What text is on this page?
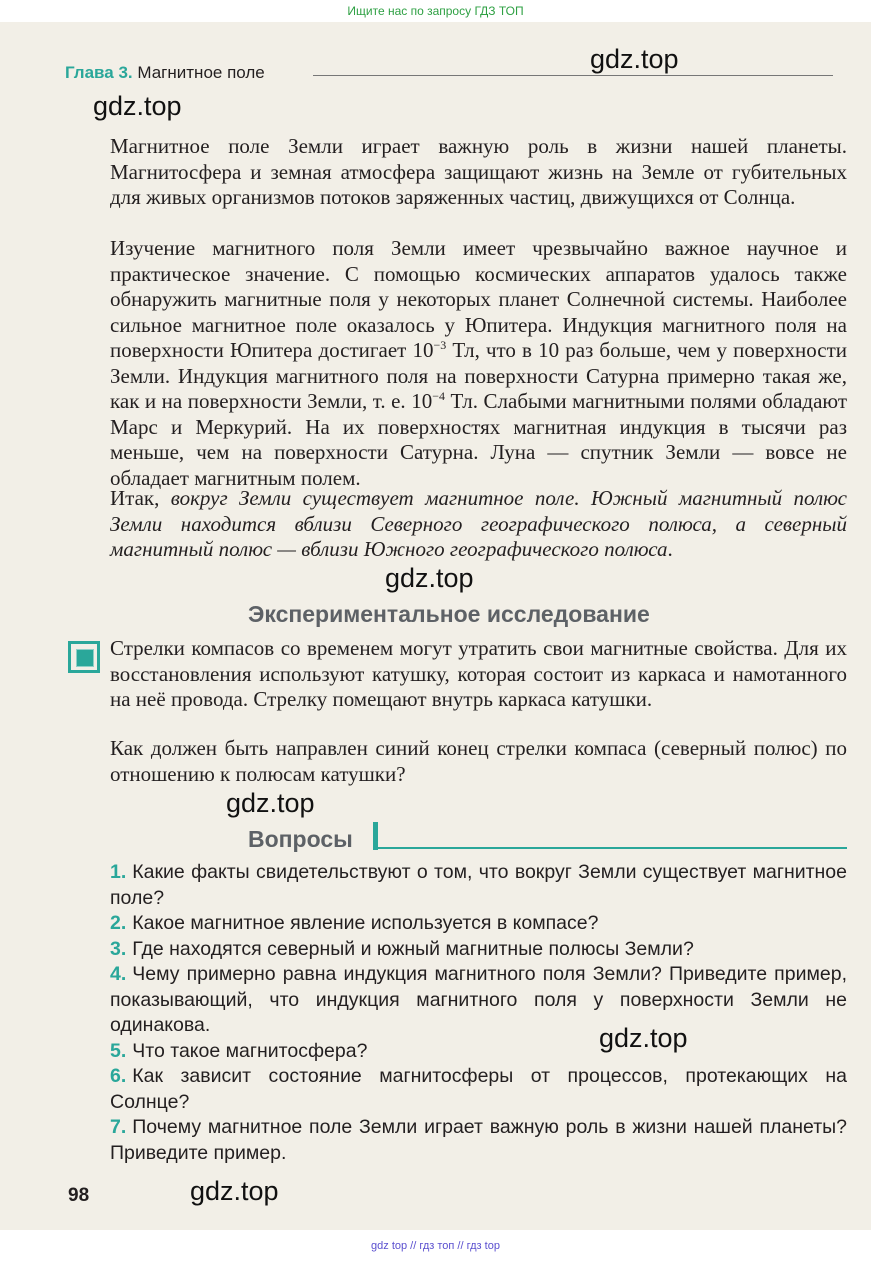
Ищите нас по запросу ГДЗ ТОП
Глава 3. Магнитное поле

Магнитное поле Земли играет важную роль в жизни нашей планеты. Магнитосфера и земная атмосфера защищают жизнь на Земле от губительных для живых организмов потоков заряженных частиц, движущихся от Солнца.

Изучение магнитного поля Земли имеет чрезвычайно важное научное и практическое значение. С помощью космических аппаратов удалось также обнаружить магнитные поля у некоторых планет Солнечной системы. Наиболее сильное магнитное поле оказалось у Юпитера. Индукция магнитного поля на поверхности Юпитера достигает $10^{-3}$ Тл, что в 10 раз больше, чем у поверхности Земли. Индукция магнитного поля на поверхности Сатурна примерно такая же, как и на поверхности Земли, т. е. $10^{-4}$ Тл. Слабыми магнитными полями обладают Марс и Меркурий. На их поверхностях магнитная индукция в тысячи раз меньше, чем на поверхности Сатурна. Луна — спутник Земли — вовсе не обладает магнитным полем.

Итак, вокруг Земли существует магнитное поле. Южный магнитный полюс Земли находится вблизи Северного географического полюса, а северный магнитный полюс — вблизи Южного географического полюса.

Экспериментальное исследование

Стрелки компасов со временем могут утратить свои магнитные свойства. Для их восстановления используют катушку, которая состоит из каркаса и намотанного на неё провода. Стрелку помещают внутрь каркаса катушки.

Как должен быть направлен синий конец стрелки компаса (северный полюс) по отношению к полюсам катушки?

Вопросы
1. Какие факты свидетельствуют о том, что вокруг Земли существует магнитное поле?
2. Какое магнитное явление используется в компасе?
3. Где находятся северный и южный магнитные полюсы Земли?
4. Чему примерно равна индукция магнитного поля Земли? Приведите пример, показывающий, что индукция магнитного поля у поверхности Земли не одинакова.
5. Что такое магнитосфера?
6. Как зависит состояние магнитосферы от процессов, протекающих на Солнце?
7. Почему магнитное поле Земли играет важную роль в жизни нашей планеты? Приведите пример.
98
gdz.top
gdz.top
gdz.top
gdz.top
gdz.top
gdz.top
gdz top // гдз топ // гдз top
